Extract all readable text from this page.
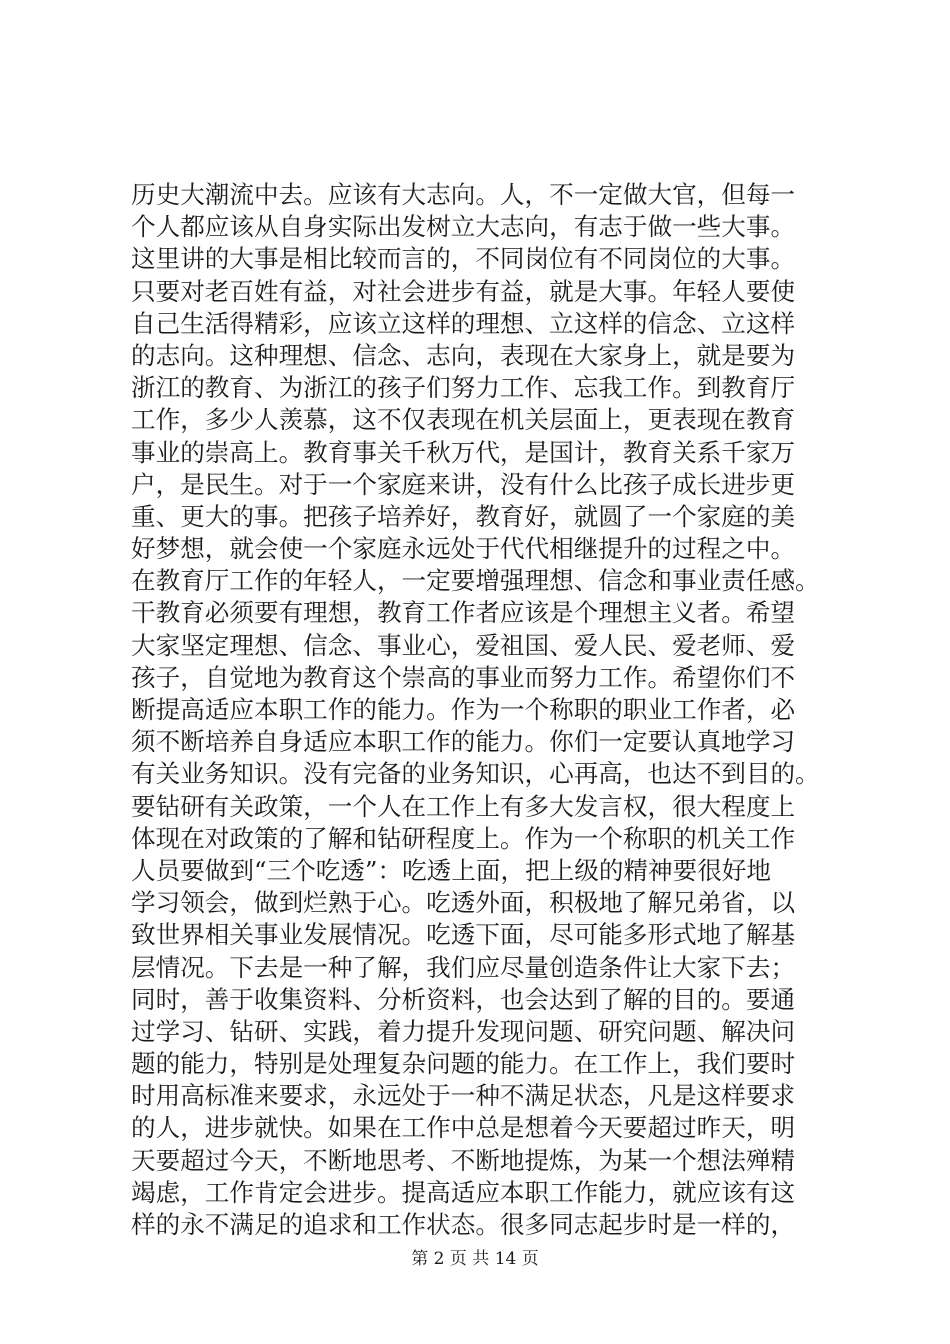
历史大潮流中去。应该有大志向。人，不一定做大官，但每一
个人都应该从自身实际出发树立大志向，有志于做一些大事。
这里讲的大事是相比较而言的，不同岗位有不同岗位的大事。
只要对老百姓有益，对社会进步有益，就是大事。年轻人要使
自己生活得精彩，应该立这样的理想、立这样的信念、立这样
的志向。这种理想、信念、志向，表现在大家身上，就是要为
浙江的教育、为浙江的孩子们努力工作、忘我工作。到教育厅
工作，多少人羡慕，这不仅表现在机关层面上，更表现在教育
事业的崇高上。教育事关千秋万代，是国计，教育关系千家万
户，是民生。对于一个家庭来讲，没有什么比孩子成长进步更
重、更大的事。把孩子培养好，教育好，就圆了一个家庭的美
好梦想，就会使一个家庭永远处于代代相继提升的过程之中。
在教育厅工作的年轻人，一定要增强理想、信念和事业责任感。
干教育必须要有理想，教育工作者应该是个理想主义者。希望
大家坚定理想、信念、事业心，爱祖国、爱人民、爱老师、爱
孩子，自觉地为教育这个崇高的事业而努力工作。希望你们不
断提高适应本职工作的能力。作为一个称职的职业工作者，必
须不断培养自身适应本职工作的能力。你们一定要认真地学习
有关业务知识。没有完备的业务知识，心再高，也达不到目的。
要钻研有关政策，一个人在工作上有多大发言权，很大程度上
体现在对政策的了解和钻研程度上。作为一个称职的机关工作
人员要做到“三个吃透”：吃透上面，把上级的精神要很好地
学习领会，做到烂熟于心。吃透外面，积极地了解兄弟省，以
致世界相关事业发展情况。吃透下面，尽可能多形式地了解基
层情况。下去是一种了解，我们应尽量创造条件让大家下去；
同时，善于收集资料、分析资料，也会达到了解的目的。要通
过学习、钻研、实践，着力提升发现问题、研究问题、解决问
题的能力，特别是处理复杂问题的能力。在工作上，我们要时
时用高标准来要求，永远处于一种不满足状态，凡是这样要求
的人，进步就快。如果在工作中总是想着今天要超过昨天，明
天要超过今天，不断地思考、不断地提炼，为某一个想法殚精
竭虑，工作肯定会进步。提高适应本职工作能力，就应该有这
样的永不满足的追求和工作状态。很多同志起步时是一样的，
第 2 页 共 14 页
